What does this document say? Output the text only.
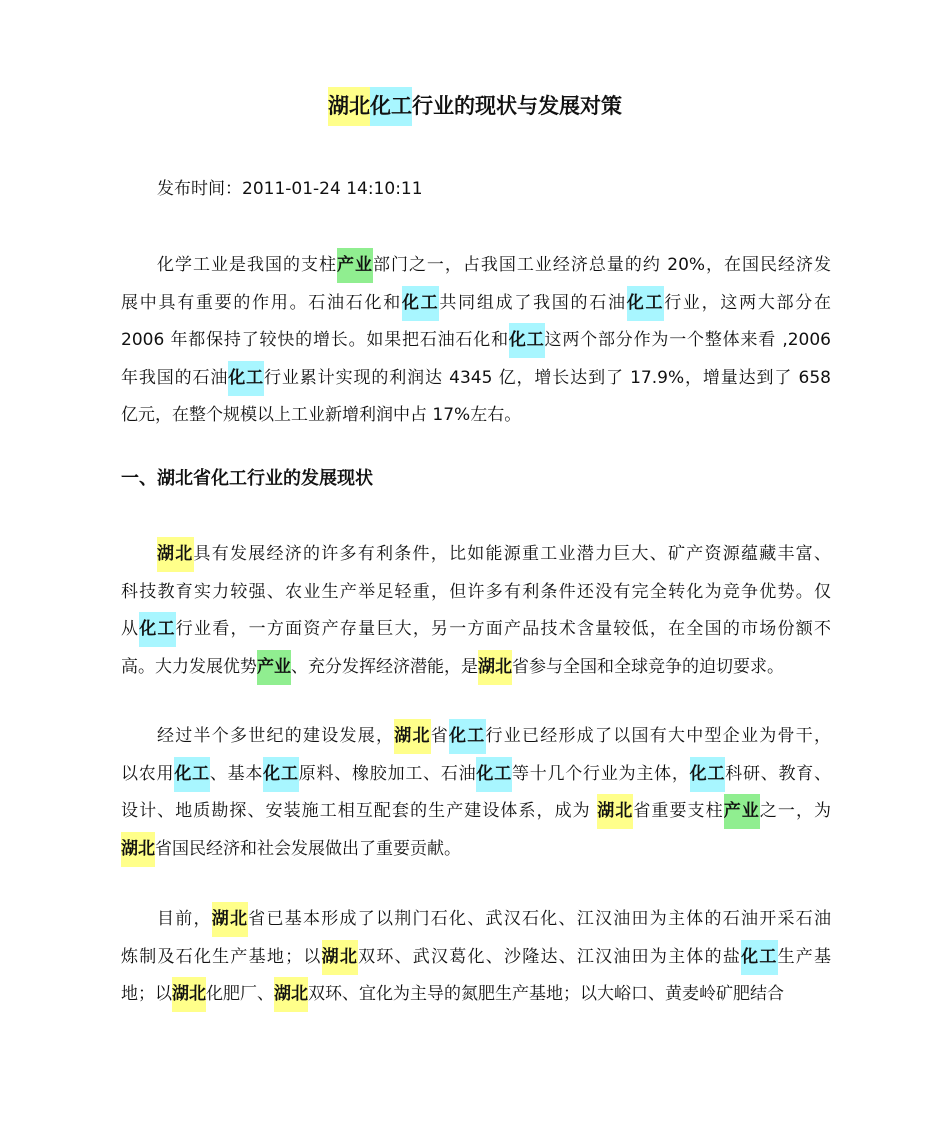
湖北化工行业的现状与发展对策
发布时间：2011-01-24 14:10:11
化学工业是我国的支柱产业部门之一，占我国工业经济总量的约 20%，在国民经济发
展中具有重要的作用。石油石化和化工共同组成了我国的石油化工行业，这两大部分在
2006 年都保持了较快的增长。如果把石油石化和化工这两个部分作为一个整体来看 ,2006
年我国的石油化工行业累计实现的利润达 4345 亿，增长达到了 17.9%，增量达到了 658
亿元，在整个规模以上工业新增利润中占 17%左右。
一、湖北省化工行业的发展现状
湖北具有发展经济的许多有利条件，比如能源重工业潜力巨大、矿产资源蕴藏丰富、
科技教育实力较强、农业生产举足轻重，但许多有利条件还没有完全转化为竞争优势。仅
从化工行业看，一方面资产存量巨大，另一方面产品技术含量较低，在全国的市场份额不
高。大力发展优势产业、充分发挥经济潜能，是湖北省参与全国和全球竞争的迫切要求。
经过半个多世纪的建设发展，湖北省化工行业已经形成了以国有大中型企业为骨干，
以农用化工、基本化工原料、橡胶加工、石油化工等十几个行业为主体，化工科研、教育、
设计、地质勘探、安装施工相互配套的生产建设体系，成为 湖北省重要支柱产业之一，为
湖北省国民经济和社会发展做出了重要贡献。
目前，湖北省已基本形成了以荆门石化、武汉石化、江汉油田为主体的石油开采石油
炼制及石化生产基地；以湖北双环、武汉葛化、沙隆达、江汉油田为主体的盐化工生产基
地；以湖北化肥厂、湖北双环、宜化为主导的氮肥生产基地；以大峪口、黄麦岭矿肥结合
